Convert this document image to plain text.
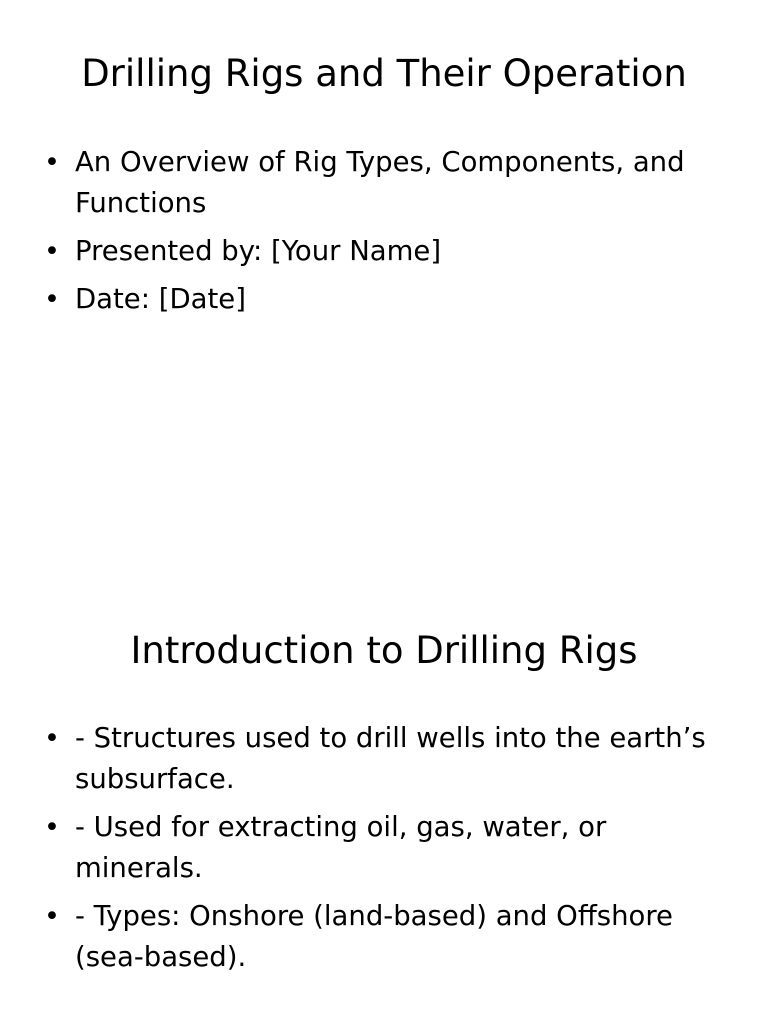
Drilling Rigs and Their Operation
• An Overview of Rig Types, Components, and Functions
• Presented by: [Your Name]
• Date: [Date]
Introduction to Drilling Rigs
• - Structures used to drill wells into the earth’s subsurface.
• - Used for extracting oil, gas, water, or minerals.
• - Types: Onshore (land-based) and Offshore (sea-based).
